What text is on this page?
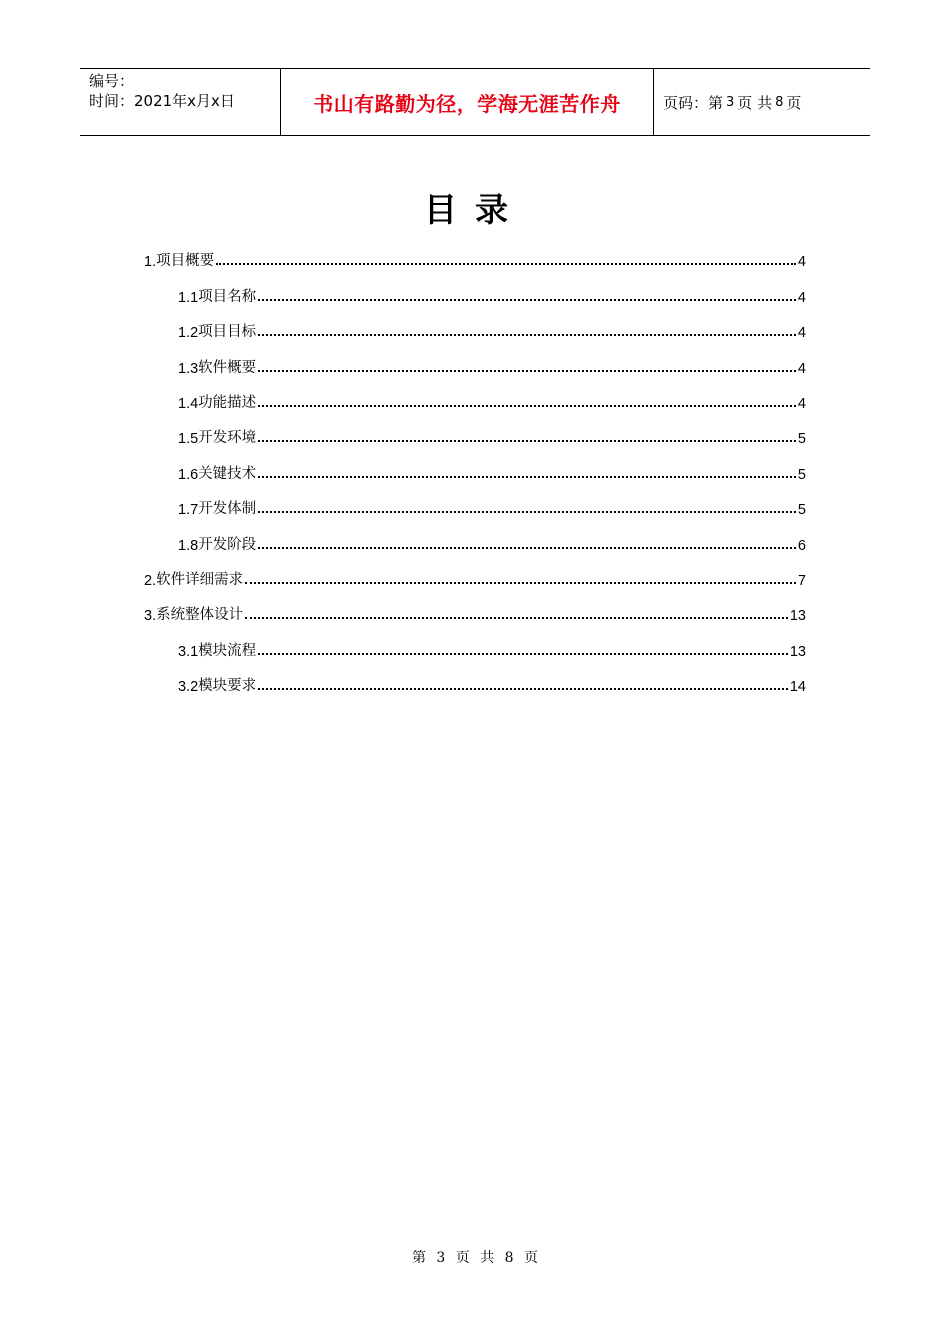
编号：
时间：2021年x月x日	书山有路勤为径，学海无涯苦作舟	页码：第 3 页 共 8 页
目录
1. 项目概要	4
1.1 项目名称	4
1.2 项目目标	4
1.3 软件概要	4
1.4 功能描述	4
1.5 开发环境	5
1.6 关键技术	5
1.7 开发体制	5
1.8 开发阶段	6
2. 软件详细需求	7
3. 系统整体设计	13
3.1 模块流程	13
3.2 模块要求	14
第 3 页 共 8 页
